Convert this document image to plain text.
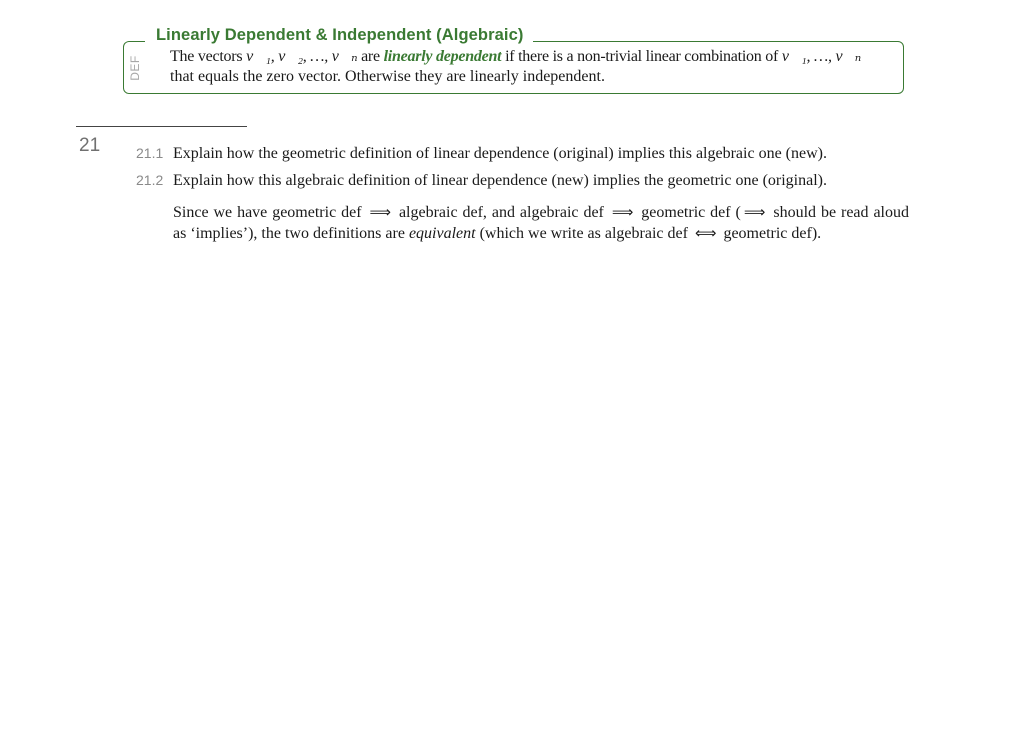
Linearly Dependent & Independent (Algebraic)
DEF The vectors v⃗₁, v⃗₂, …, v⃗ₙ are linearly dependent if there is a non-trivial linear combination of v⃗₁, …, v⃗ₙ
that equals the zero vector. Otherwise they are linearly independent.
21	21.1 Explain how the geometric definition of linear dependence (original) implies this algebraic one (new).
21.2 Explain how this algebraic definition of linear dependence (new) implies the geometric one (original).
Since we have geometric def ⟹ algebraic def, and algebraic def ⟹ geometric def ( ⟹ should be read aloud as ‘implies’), the two definitions are equivalent (which we write as algebraic def ⟺ geometric def).
